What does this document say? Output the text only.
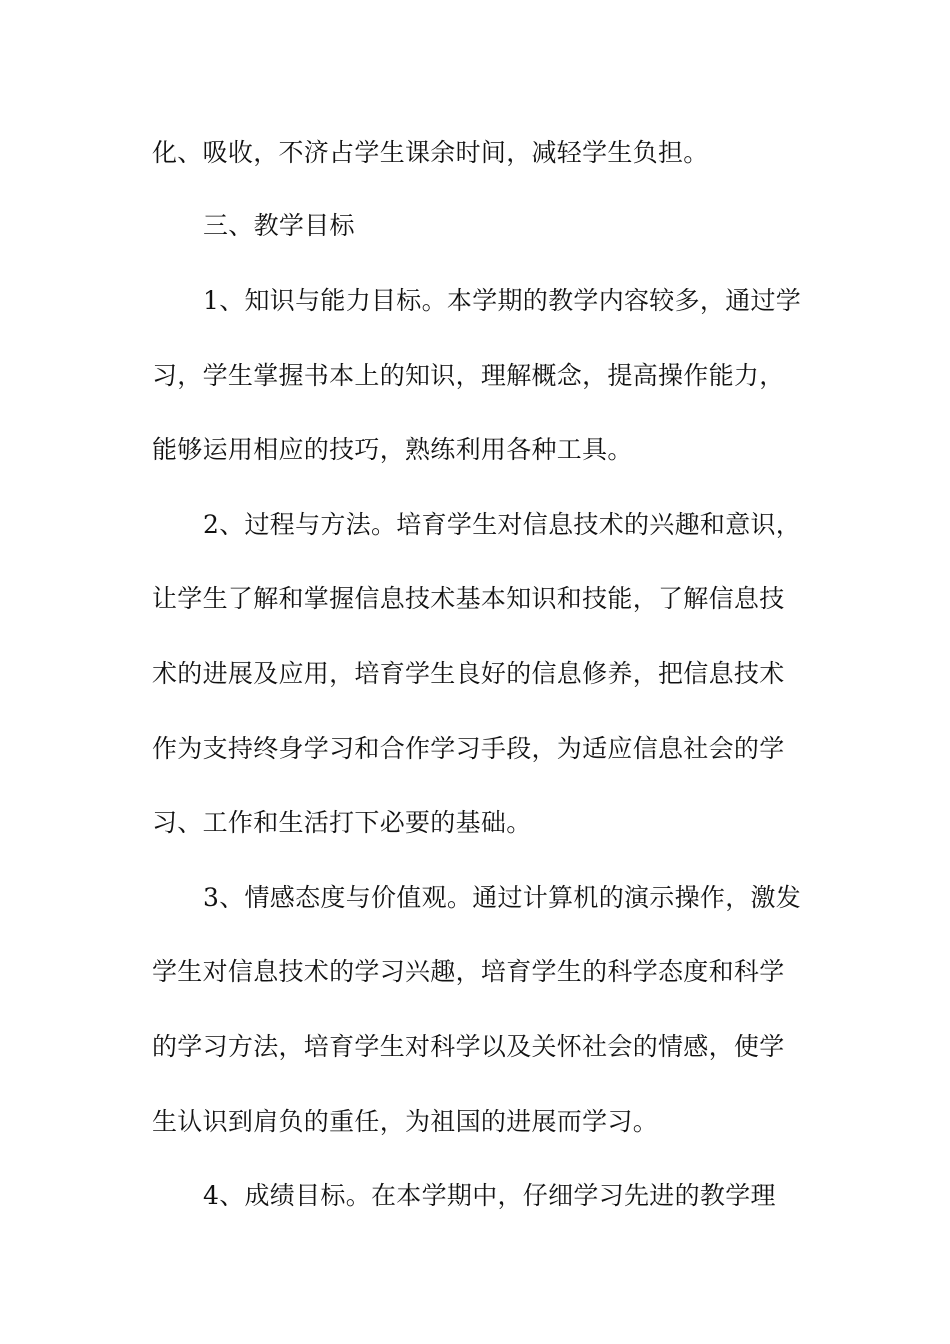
化、吸收，不济占学生课余时间，减轻学生负担。
三、教学目标
1、知识与能力目标。本学期的教学内容较多，通过学
习，学生掌握书本上的知识，理解概念，提高操作能力，
能够运用相应的技巧，熟练利用各种工具。
2、过程与方法。培育学生对信息技术的兴趣和意识，
让学生了解和掌握信息技术基本知识和技能，了解信息技
术的进展及应用，培育学生良好的信息修养，把信息技术
作为支持终身学习和合作学习手段，为适应信息社会的学
习、工作和生活打下必要的基础。
3、情感态度与价值观。通过计算机的演示操作，激发
学生对信息技术的学习兴趣，培育学生的科学态度和科学
的学习方法，培育学生对科学以及关怀社会的情感，使学
生认识到肩负的重任，为祖国的进展而学习。
4、成绩目标。在本学期中，仔细学习先进的教学理
